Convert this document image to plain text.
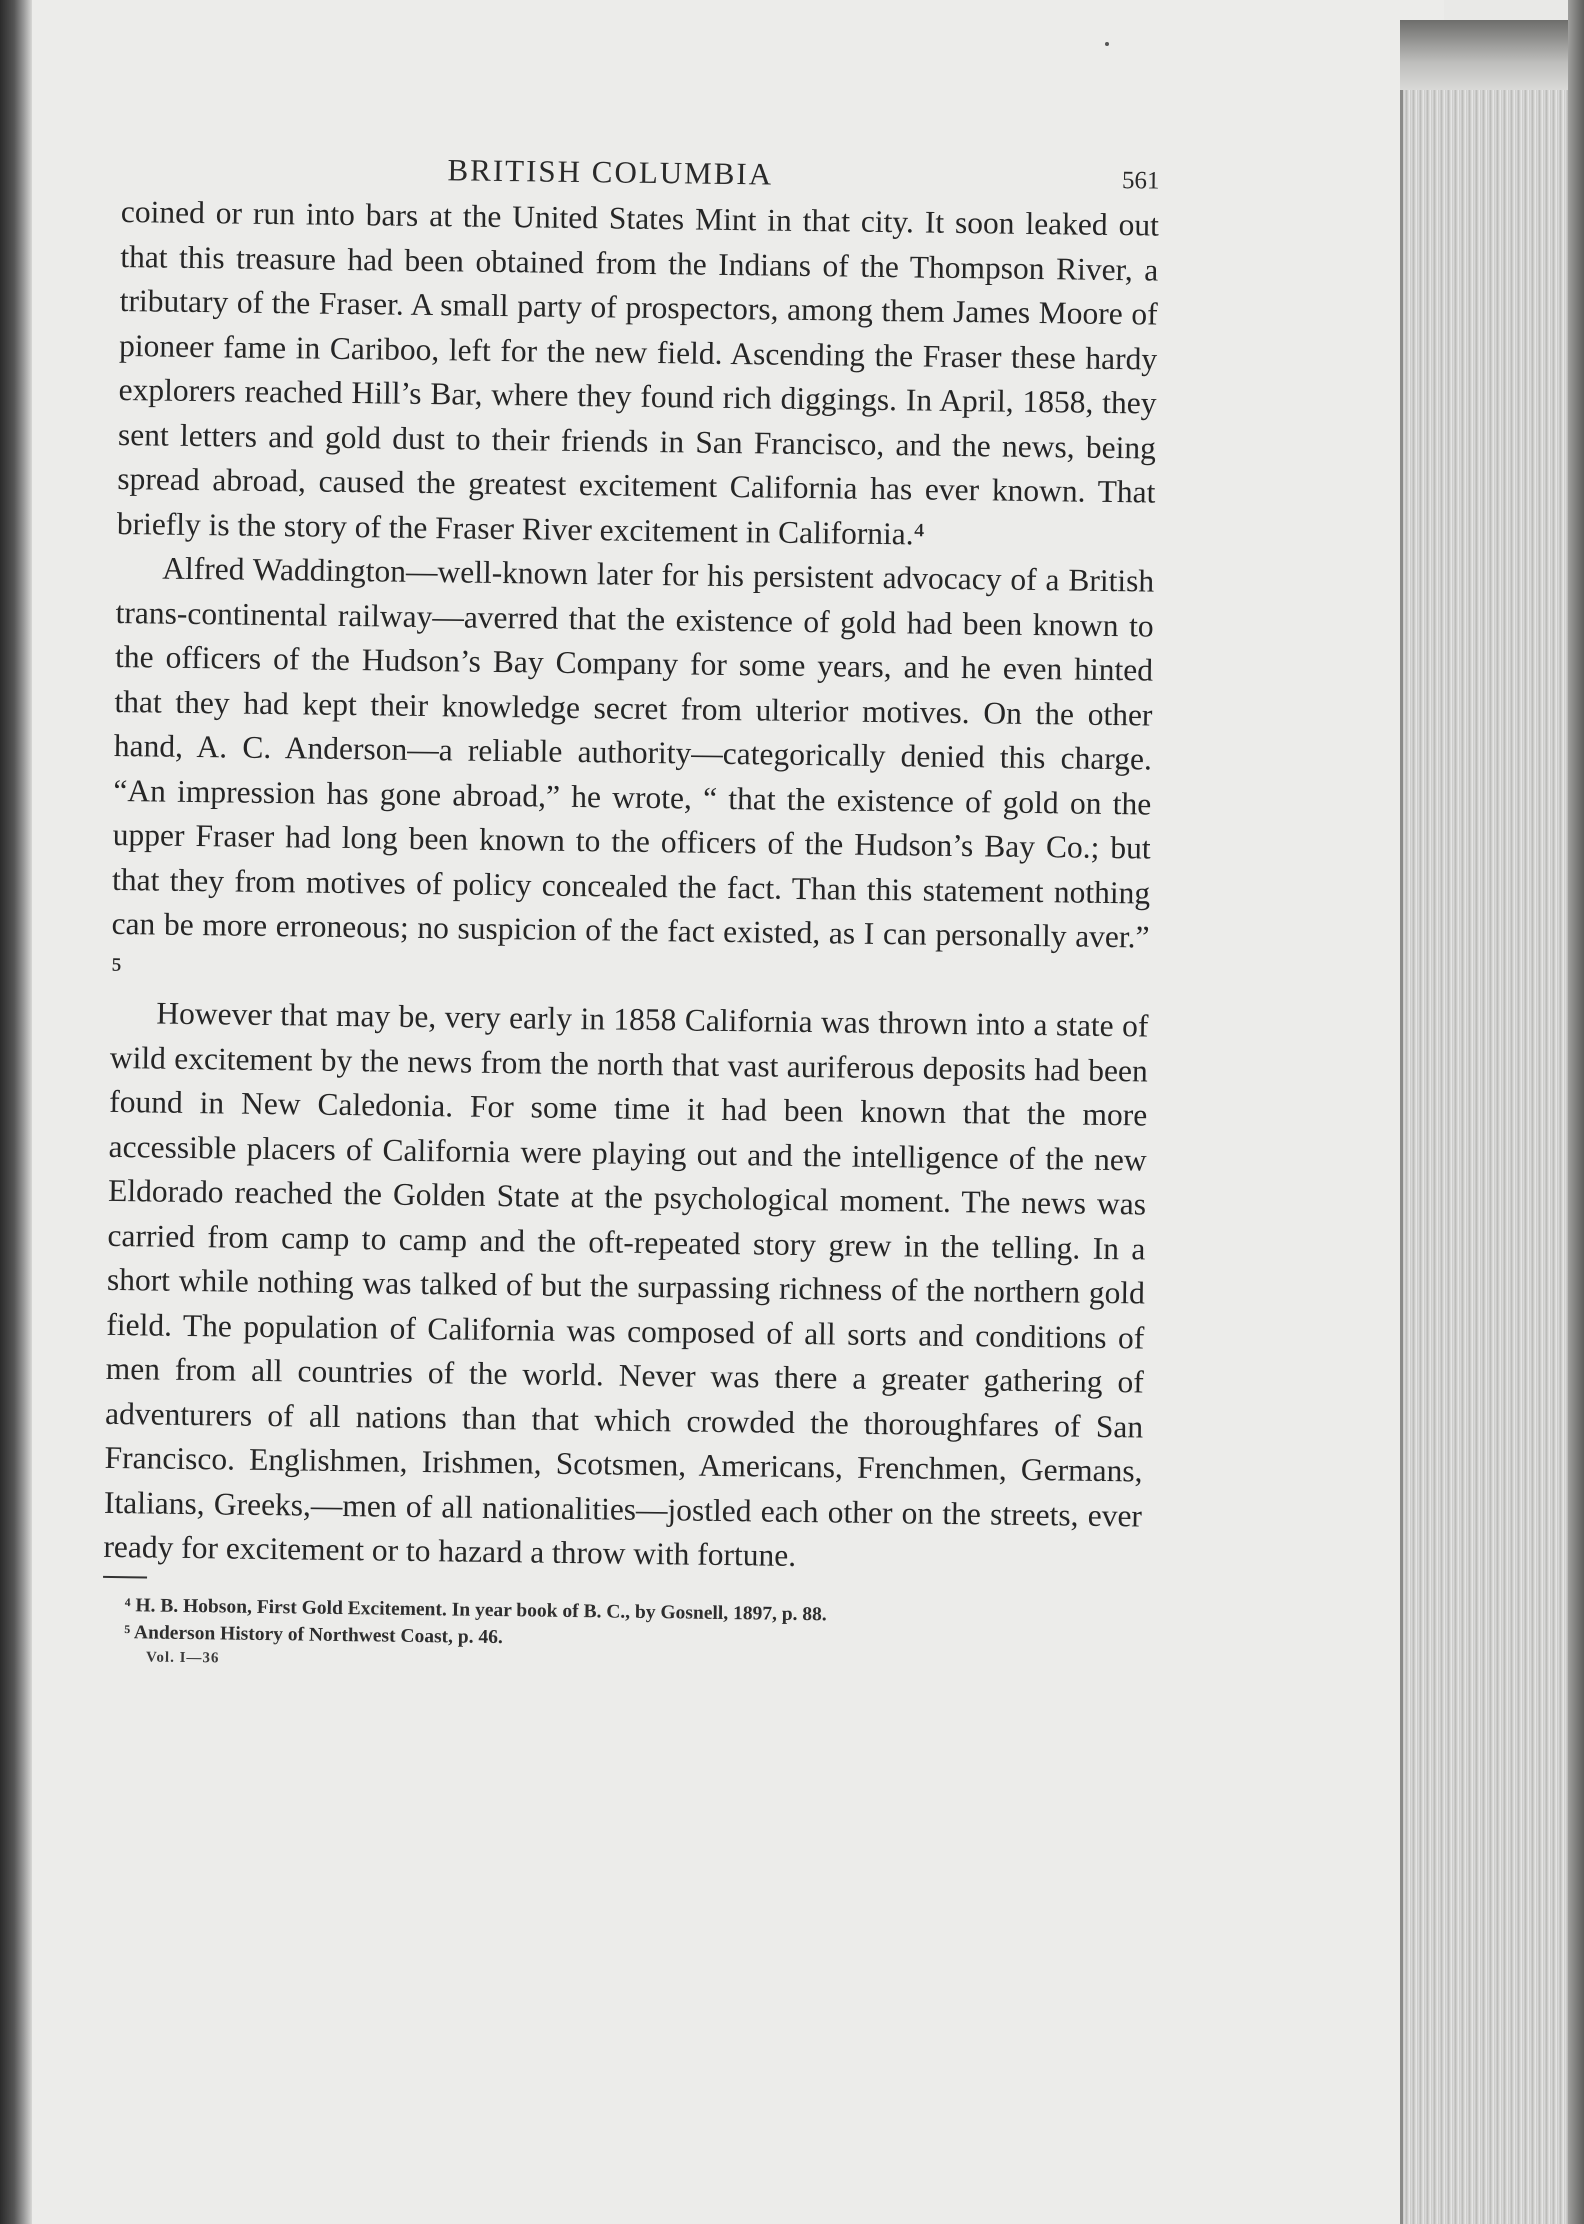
BRITISH COLUMBIA	561

coined or run into bars at the United States Mint in that city. It soon leaked out that this treasure had been obtained from the Indians of the Thompson River, a tributary of the Fraser. A small party of prospectors, among them James Moore of pioneer fame in Cariboo, left for the new field. Ascending the Fraser these hardy explorers reached Hill’s Bar, where they found rich diggings. In April, 1858, they sent letters and gold dust to their friends in San Francisco, and the news, being spread abroad, caused the greatest excitement California has ever known. That briefly is the story of the Fraser River excitement in California.⁴

Alfred Waddington—well-known later for his persistent advocacy of a British trans-continental railway—averred that the existence of gold had been known to the officers of the Hudson’s Bay Company for some years, and he even hinted that they had kept their knowledge secret from ulterior motives. On the other hand, A. C. Anderson—a reliable authority—categorically denied this charge. “An impression has gone abroad,” he wrote, “ that the existence of gold on the upper Fraser had long been known to the officers of the Hudson’s Bay Co.; but that they from motives of policy concealed the fact. Than this statement nothing can be more erroneous; no suspicion of the fact existed, as I can personally aver.” ⁵

However that may be, very early in 1858 California was thrown into a state of wild excitement by the news from the north that vast auriferous deposits had been found in New Caledonia. For some time it had been known that the more accessible placers of California were playing out and the intelligence of the new Eldorado reached the Golden State at the psychological moment. The news was carried from camp to camp and the oft-repeated story grew in the telling. In a short while nothing was talked of but the surpassing richness of the northern gold field. The population of California was composed of all sorts and conditions of men from all countries of the world. Never was there a greater gathering of adventurers of all nations than that which crowded the thoroughfares of San Francisco. Englishmen, Irishmen, Scotsmen, Americans, Frenchmen, Germans, Italians, Greeks,—men of all nationalities—jostled each other on the streets, ever ready for excitement or to hazard a throw with fortune.

⁴ H. B. Hobson, First Gold Excitement. In year book of B. C., by Gosnell, 1897, p. 88.

⁵ Anderson History of Northwest Coast, p. 46.

Vol. I—36
